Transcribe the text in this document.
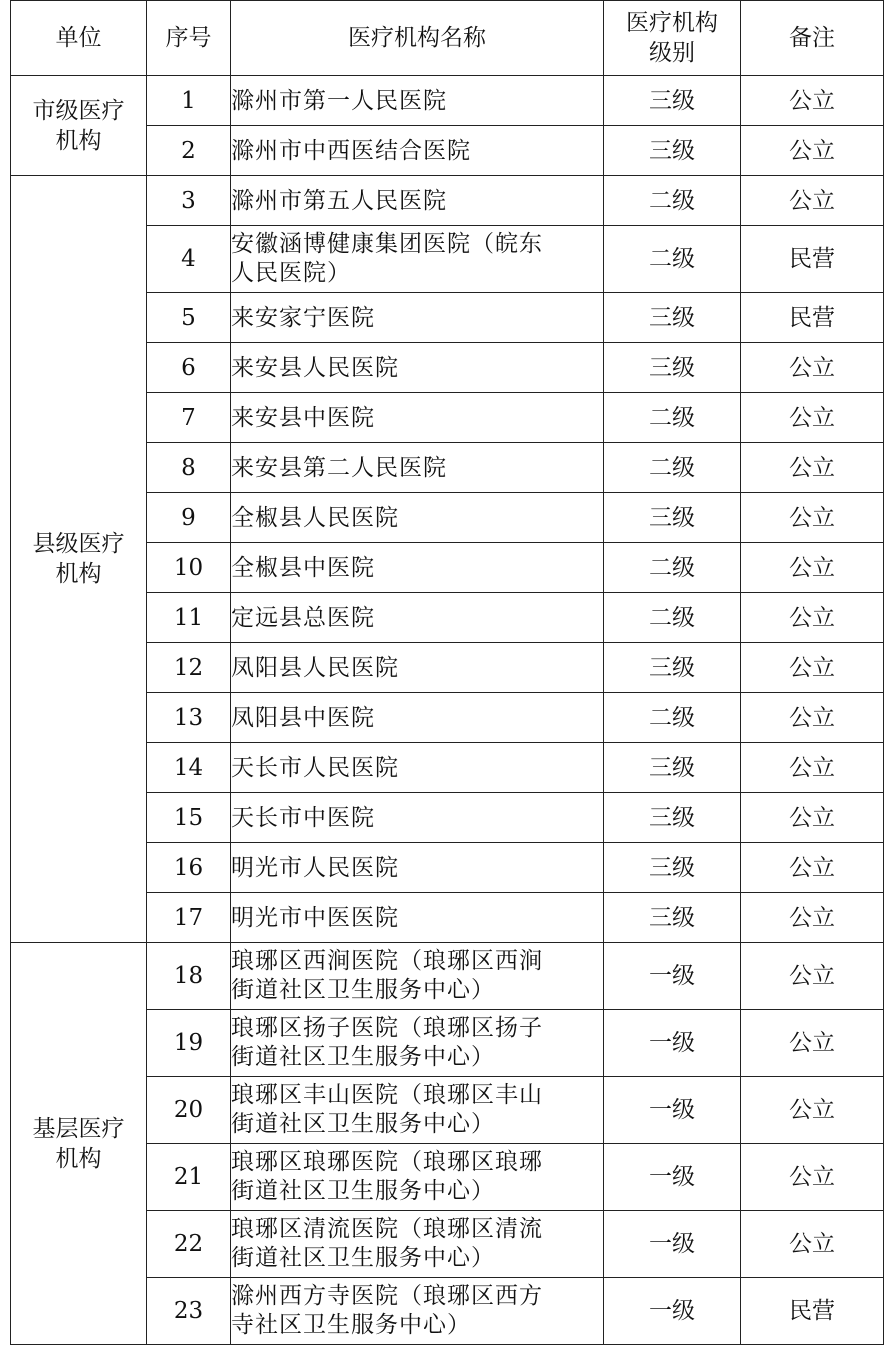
单位	序号	医疗机构名称	医疗机构级别	备注

市级医疗机构	1	滁州市第一人民医院	三级	公立
	2	滁州市中西医结合医院	三级	公立

县级医疗机构	3	滁州市第五人民医院	二级	公立
	4	安徽涵博健康集团医院（皖东人民医院）	二级	民营
	5	来安家宁医院	三级	民营
	6	来安县人民医院	三级	公立
	7	来安县中医院	二级	公立
	8	来安县第二人民医院	二级	公立
	9	全椒县人民医院	三级	公立
	10	全椒县中医院	二级	公立
	11	定远县总医院	二级	公立
	12	凤阳县人民医院	三级	公立
	13	凤阳县中医院	二级	公立
	14	天长市人民医院	三级	公立
	15	天长市中医院	三级	公立
	16	明光市人民医院	三级	公立
	17	明光市中医医院	三级	公立

基层医疗机构	18	琅琊区西涧医院（琅琊区西涧街道社区卫生服务中心）	一级	公立
	19	琅琊区扬子医院（琅琊区扬子街道社区卫生服务中心）	一级	公立
	20	琅琊区丰山医院（琅琊区丰山街道社区卫生服务中心）	一级	公立
	21	琅琊区琅琊医院（琅琊区琅琊街道社区卫生服务中心）	一级	公立
	22	琅琊区清流医院（琅琊区清流街道社区卫生服务中心）	一级	公立
	23	滁州西方寺医院（琅琊区西方寺社区卫生服务中心）	一级	民营
